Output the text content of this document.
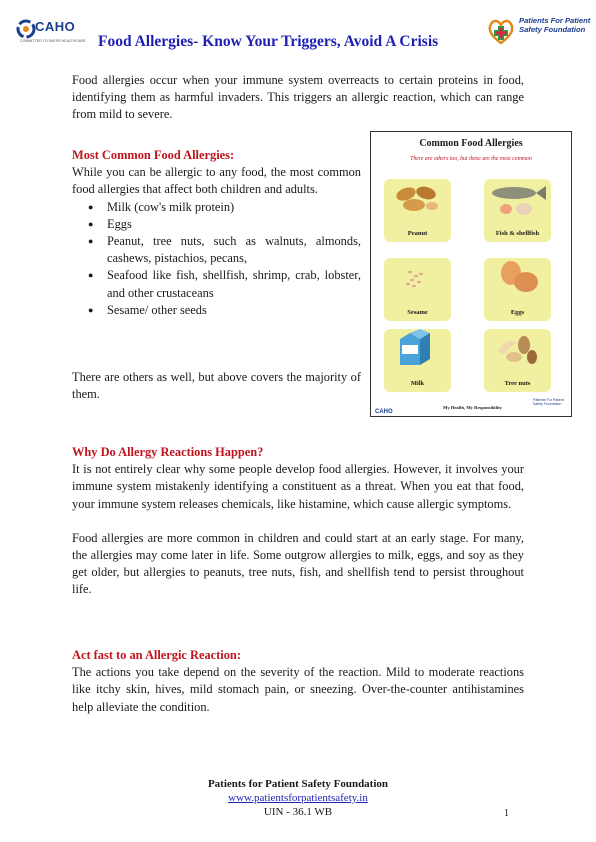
CAHO
COMMITTED TO SAFER HEALTHCARE Food Allergies- Know Your Triggers, Avoid A Crisis
Patients For Patient Safety Foundation

Food allergies occur when your immune system overreacts to certain proteins in food, identifying them as harmful invaders. This triggers an allergic reaction, which can range from mild to severe.

Most Common Food Allergies:

While you can be allergic to any food, the most common food allergies that affect both children and adults.

● Milk (cow's milk protein)
● Eggs
● Peanut, tree nuts, such as walnuts, almonds, cashews, pistachios, pecans,
● Seafood like fish, shellfish, shrimp, crab, lobster, and other crustaceans
● Sesame/ other seeds

There are others as well, but above covers the majority of them.

Common Food Allergies
There are others too, but these are the most common
Peanut	Fish & shellfish
Sesame	Eggs
Milk	Tree nuts
CAHO
My Health, My Responsibility
Patients For Patient Safety Foundation
Why Do Allergy Reactions Happen?

It is not entirely clear why some people develop food allergies. However, it involves your immune system mistakenly identifying a constituent as a threat. When you eat that food, your immune system releases chemicals, like histamine, which cause allergic symptoms.

Food allergies are more common in children and could start at an early stage. For many, the allergies may come later in life. Some outgrow allergies to milk, eggs, and soy as they get older, but allergies to peanuts, tree nuts, fish, and shellfish tend to persist throughout life.

Act fast to an Allergic Reaction:

The actions you take depend on the severity of the reaction. Mild to moderate reactions like itchy skin, hives, mild stomach pain, or sneezing. Over-the-counter antihistamines help alleviate the condition.

Patients for Patient Safety Foundation
www.patientsforpatientsafety.in
UIN - 36.1 WB	1
